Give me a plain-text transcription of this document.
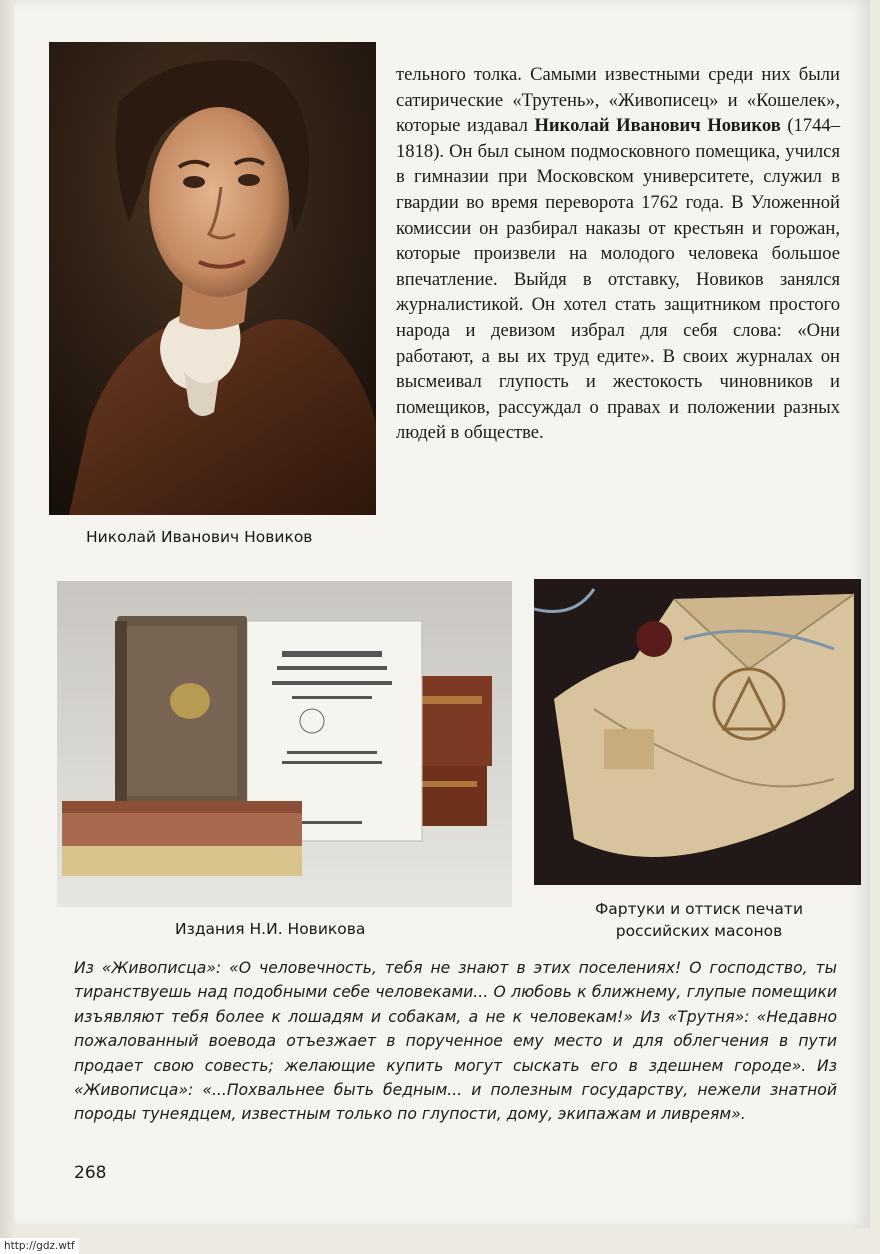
Николай Иванович Новиков
тельного толка. Самыми известными среди них были сатирические «Трутень», «Живописец» и «Кошелек», которые издавал Николай Иванович Новиков (1744–1818). Он был сыном подмосковного помещика, учился в гимназии при Московском университете, служил в гвардии во время переворота 1762 года. В Уложенной комиссии он разбирал наказы от крестьян и горожан, которые произвели на молодого человека большое впечатление. Выйдя в отставку, Новиков занялся журналистикой. Он хотел стать защитником простого народа и девизом избрал для себя слова: «Они работают, а вы их труд едите». В своих журналах он высмеивал глупость и жестокость чиновников и помещиков, рассуждал о правах и положении разных людей в обществе.
Издания Н.И. Новикова
Фартуки и оттиск печати
российских масонов
Из «Живописца»: «О человечность, тебя не знают в этих поселениях! О господство, ты тиранствуешь над подобными себе человеками... О любовь к ближнему, глупые помещики изъявляют тебя более к лошадям и собакам, а не к человекам!» Из «Трутня»: «Недавно пожалованный воевода отъезжает в порученное ему место и для облегчения в пути продает свою совесть; желающие купить могут сыскать его в здешнем городе». Из «Живописца»: «...Похвальнее быть бедным... и полезным государству, нежели знатной породы тунеядцем, известным только по глупости, дому, экипажам и ливреям».
268
http://gdz.wtf
